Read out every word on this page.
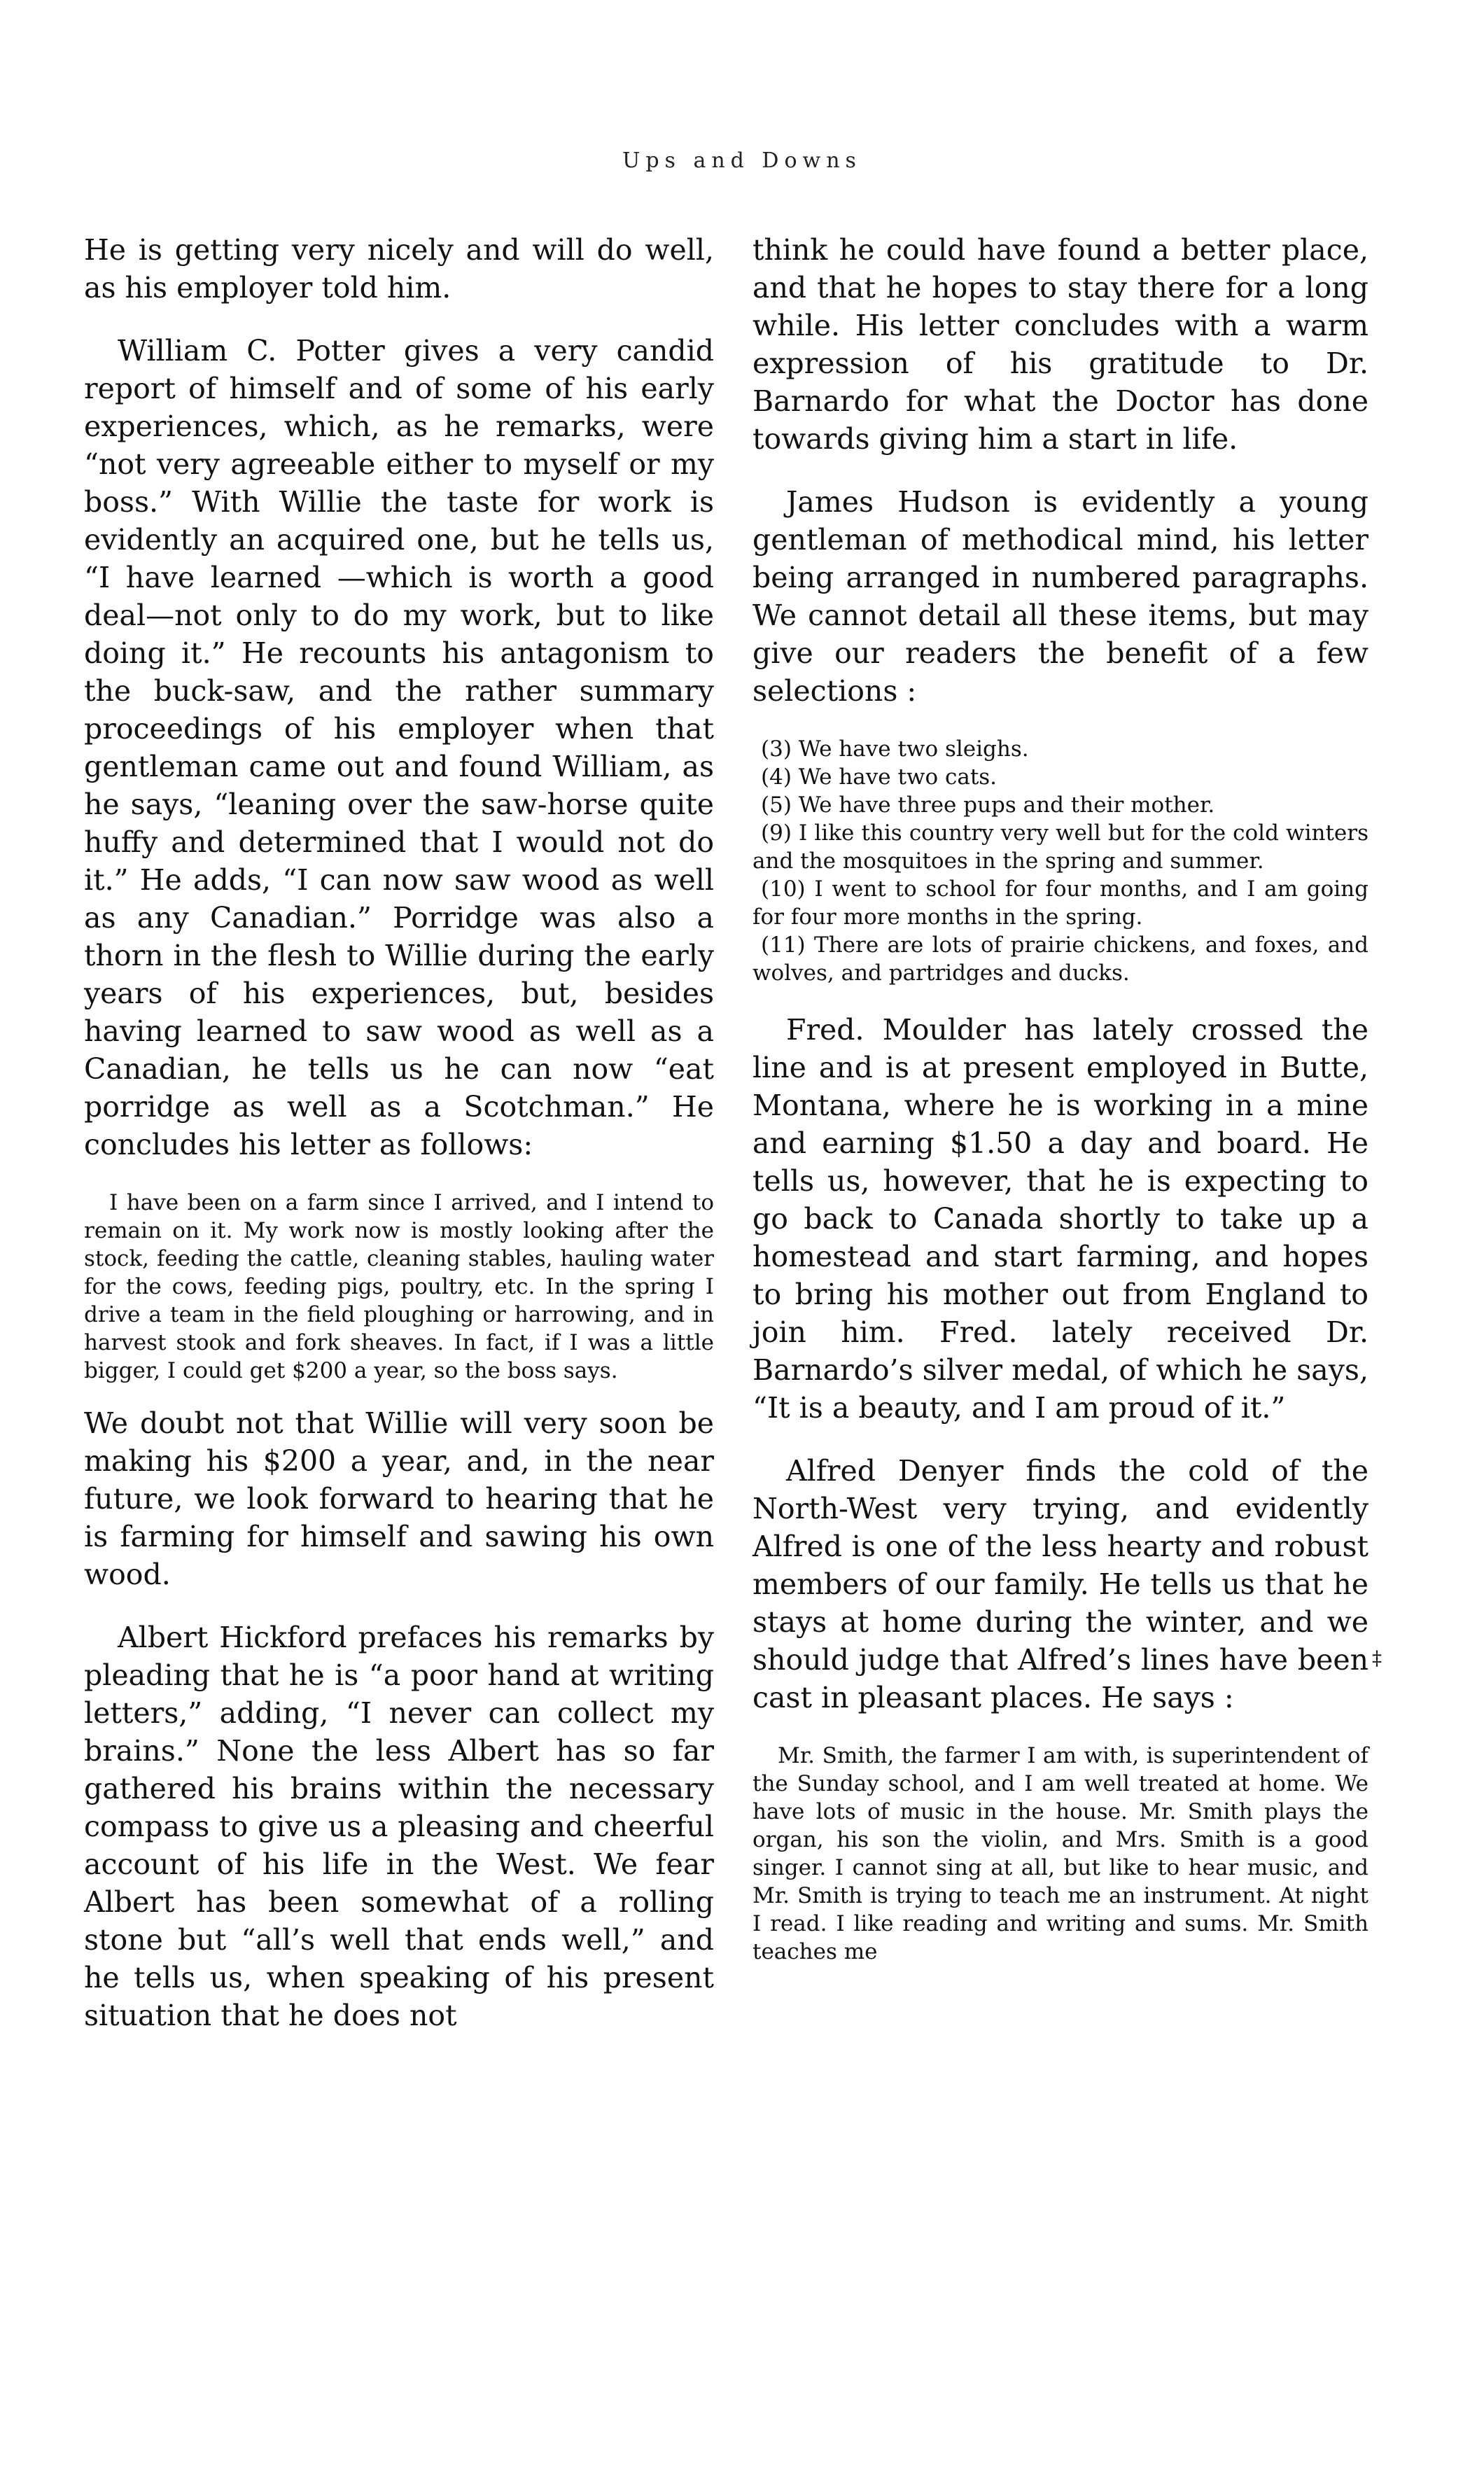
Ups and Downs

He is getting very nicely and will do well, as his employer told him.

William C. Potter gives a very candid report of himself and of some of his early experiences, which, as he remarks, were “not very agreeable either to myself or my boss.” With Willie the taste for work is evidently an acquired one, but he tells us, “I have learned —which is worth a good deal—not only to do my work, but to like doing it.” He recounts his antagonism to the buck-saw, and the rather summary proceedings of his employer when that gentleman came out and found William, as he says, “leaning over the saw-horse quite huffy and determined that I would not do it.” He adds, “I can now saw wood as well as any Canadian.” Porridge was also a thorn in the flesh to Willie during the early years of his experiences, but, besides having learned to saw wood as well as a Canadian, he tells us he can now “eat porridge as well as a Scotchman.” He concludes his letter as follows:

I have been on a farm since I arrived, and I intend to remain on it. My work now is mostly looking after the stock, feeding the cattle, cleaning stables, hauling water for the cows, feeding pigs, poultry, etc. In the spring I drive a team in the field ploughing or harrowing, and in harvest stook and fork sheaves. In fact, if I was a little bigger, I could get $200 a year, so the boss says.

We doubt not that Willie will very soon be making his $200 a year, and, in the near future, we look forward to hearing that he is farming for himself and sawing his own wood.

Albert Hickford prefaces his remarks by pleading that he is “a poor hand at writing letters,” adding, “I never can collect my brains.” None the less Albert has so far gathered his brains within the necessary compass to give us a pleasing and cheerful account of his life in the West. We fear Albert has been somewhat of a rolling stone but “all’s well that ends well,” and he tells us, when speaking of his present situation that he does not

think he could have found a better place, and that he hopes to stay there for a long while. His letter concludes with a warm expression of his gratitude to Dr. Barnardo for what the Doctor has done towards giving him a start in life.

James Hudson is evidently a young gentleman of methodical mind, his letter being arranged in numbered paragraphs. We cannot detail all these items, but may give our readers the benefit of a few selections :

(3) We have two sleighs.
(4) We have two cats.
(5) We have three pups and their mother.
(9) I like this country very well but for the cold winters and the mosquitoes in the spring and summer.
(10) I went to school for four months, and I am going for four more months in the spring.
(11) There are lots of prairie chickens, and foxes, and wolves, and partridges and ducks.

Fred. Moulder has lately crossed the line and is at present employed in Butte, Montana, where he is working in a mine and earning $1.50 a day and board. He tells us, however, that he is expecting to go back to Canada shortly to take up a homestead and start farming, and hopes to bring his mother out from England to join him. Fred. lately received Dr. Barnardo’s silver medal, of which he says, “It is a beauty, and I am proud of it.”

Alfred Denyer finds the cold of the North-West very trying, and evidently Alfred is one of the less hearty and robust members of our family. He tells us that he stays at home during the winter, and we should judge that Alfred’s lines have been cast in pleasant places. He says :

Mr. Smith, the farmer I am with, is superintendent of the Sunday school, and I am well treated at home. We have lots of music in the house. Mr. Smith plays the organ, his son the violin, and Mrs. Smith is a good singer. I cannot sing at all, but like to hear music, and Mr. Smith is trying to teach me an instrument. At night I read. I like reading and writing and sums. Mr. Smith teaches me

‡
